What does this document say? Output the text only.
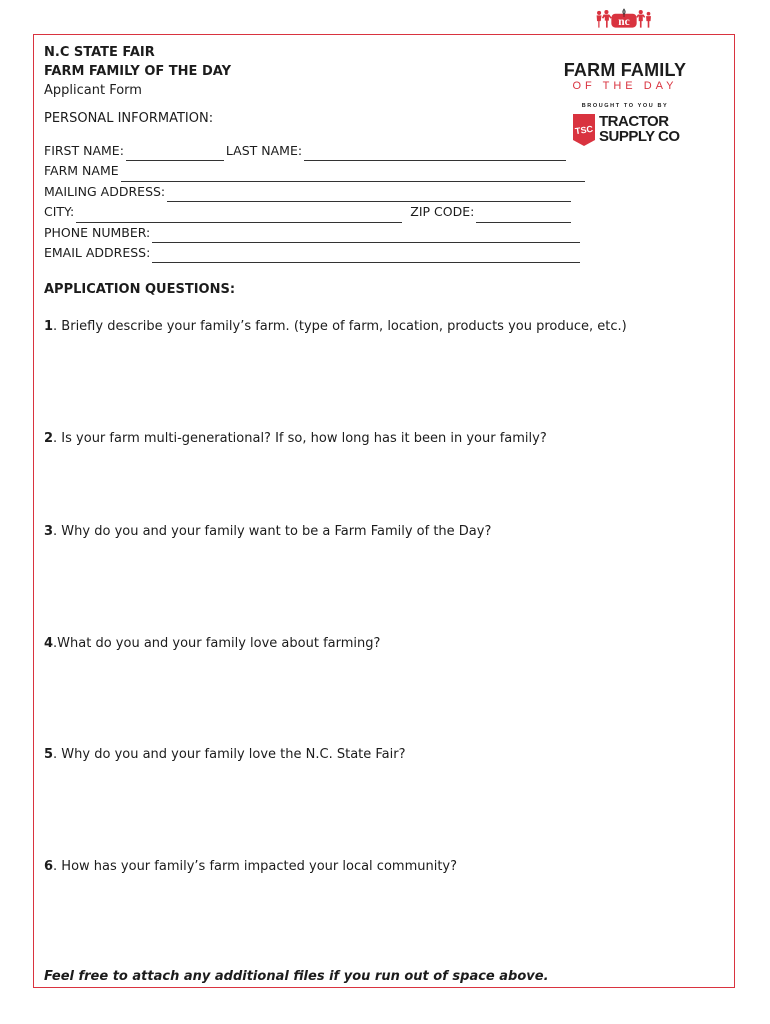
N.C STATE FAIR
FARM FAMILY OF THE DAY
Applicant Form
PERSONAL INFORMATION:
FIRST NAME:	LAST NAME:
FARM NAME
MAILING ADDRESS:
CITY:	ZIP CODE:
PHONE NUMBER:
EMAIL ADDRESS:
APPLICATION QUESTIONS:
1. Briefly describe your family’s farm. (type of farm, location, products you produce, etc.)
2. Is your farm multi-generational? If so, how long has it been in your family?
3. Why do you and your family want to be a Farm Family of the Day?
4.What do you and your family love about farming?
5. Why do you and your family love the N.C. State Fair?
6. How has your family’s farm impacted your local community?
Feel free to attach any additional files if you run out of space above.
nc
FARM FAMILY
OF THE DAY
BROUGHT TO YOU BY
TSC
TRACTOR
SUPPLY CO
